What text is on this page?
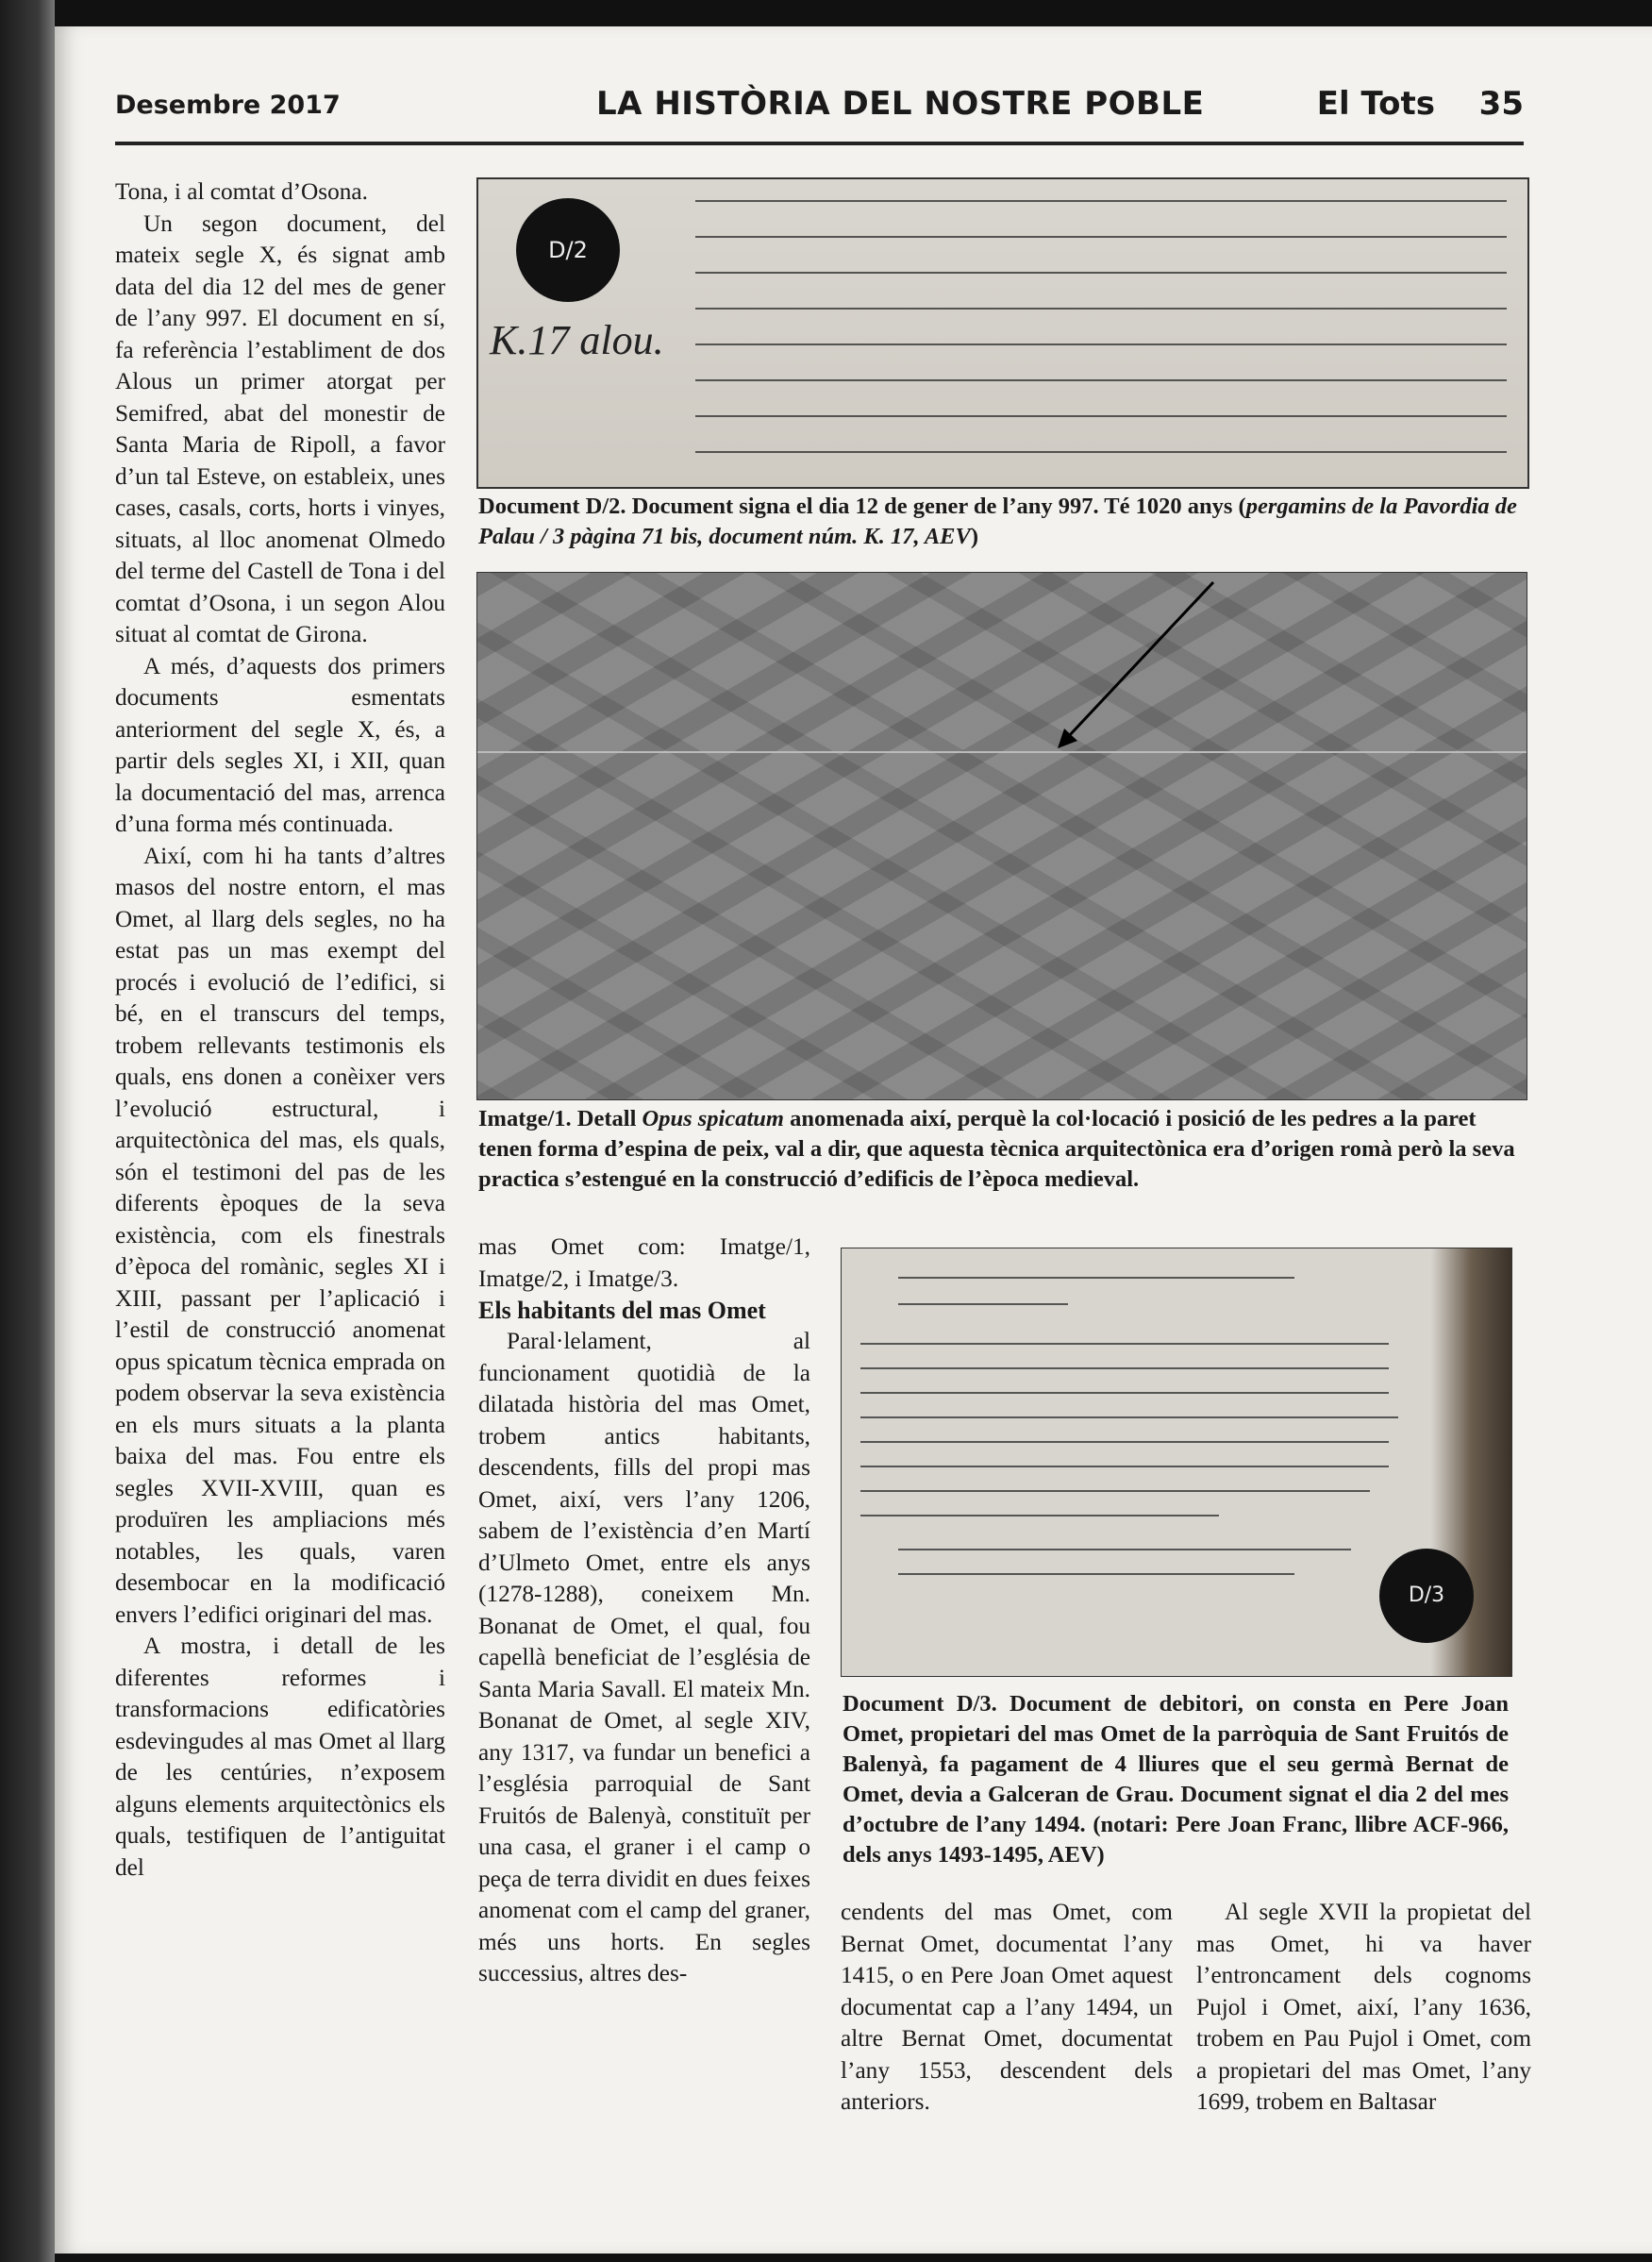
Desembre 2017	LA HISTÒRIA DEL NOSTRE POBLE	El Tots 35

Tona, i al comtat d’Osona.

Un segon document, del mateix segle X, és signat amb data del dia 12 del mes de gener de l’any 997. El document en sí, fa referència l’establiment de dos Alous un primer atorgat per Semifred, abat del monestir de Santa Maria de Ripoll, a favor d’un tal Esteve, on estableix, unes cases, casals, corts, horts i vinyes, situats, al lloc anomenat Olmedo del terme del Castell de Tona i del comtat d’Osona, i un segon Alou situat al comtat de Girona.

A més, d’aquests dos primers documents esmentats anteriorment del segle X, és, a partir dels segles XI, i XII, quan la documentació del mas, arrenca d’una forma més continuada.

Així, com hi ha tants d’altres masos del nostre entorn, el mas Omet, al llarg dels segles, no ha estat pas un mas exempt del procés i evolució de l’edifici, si bé, en el transcurs del temps, trobem rellevants testimonis els quals, ens donen a conèixer vers l’evolució estructural, i arquitectònica del mas, els quals, són el testimoni del pas de les diferents èpoques de la seva existència, com els finestrals d’època del romànic, segles XI i XIII, passant per l’aplicació i l’estil de construcció anomenat opus spicatum tècnica emprada on podem observar la seva existència en els murs situats a la planta baixa del mas. Fou entre els segles XVII-XVIII, quan es produïren les ampliacions més notables, les quals, varen desembocar en la modificació envers l’edifici originari del mas.

A mostra, i detall de les diferentes reformes i transformacions edificatòries esdevingudes al mas Omet al llarg de les centúries, n’exposem alguns elements arquitectònics els quals, testifiquen de l’antiguitat del

D/2
K.17 alou.
Document D/2. Document signa el dia 12 de gener de l’any 997. Té 1020 anys (pergamins de la Pavordia de Palau / 3 pàgina 71 bis, document núm. K. 17, AEV)
Imatge/1. Detall Opus spicatum anomenada així, perquè la col·locació i posició de les pedres a la paret tenen forma d’espina de peix, val a dir, que aquesta tècnica arquitectònica era d’origen romà però la seva practica s’estengué en la construcció d’edificis de l’època medieval.

mas Omet com: Imatge/1, Imatge/2, i Imatge/3.

Els habitants del mas Omet

Paral·lelament, al funcionament quotidià de la dilatada història del mas Omet, trobem antics habitants, descendents, fills del propi mas Omet, així, vers l’any 1206, sabem de l’existència d’en Martí d’Ulmeto Omet, entre els anys (1278-1288), coneixem Mn. Bonanat de Omet, el qual, fou capellà beneficiat de l’església de Santa Maria Savall. El mateix Mn. Bonanat de Omet, al segle XIV, any 1317, va fundar un benefici a l’església parroquial de Sant Fruitós de Balenyà, constituït per una casa, el graner i el camp o peça de terra dividit en dues feixes anomenat com el camp del graner, més uns horts. En segles successius, altres des-

D/3
Document D/3. Document de debitori, on consta en Pere Joan Omet, propietari del mas Omet de la parròquia de Sant Fruitós de Balenyà, fa pagament de 4 lliures que el seu germà Bernat de Omet, devia a Galceran de Grau. Document signat el dia 2 del mes d’octubre de l’any 1494. (notari: Pere Joan Franc, llibre ACF-966, dels anys 1493-1495, AEV)

cendents del mas Omet, com Bernat Omet, documentat l’any 1415, o en Pere Joan Omet aquest documentat cap a l’any 1494, un altre Bernat Omet, documentat l’any 1553, descendent dels anteriors.

Al segle XVII la propietat del mas Omet, hi va haver l’entroncament dels cognoms Pujol i Omet, així, l’any 1636, trobem en Pau Pujol i Omet, com a propietari del mas Omet, l’any 1699, trobem en Baltasar
